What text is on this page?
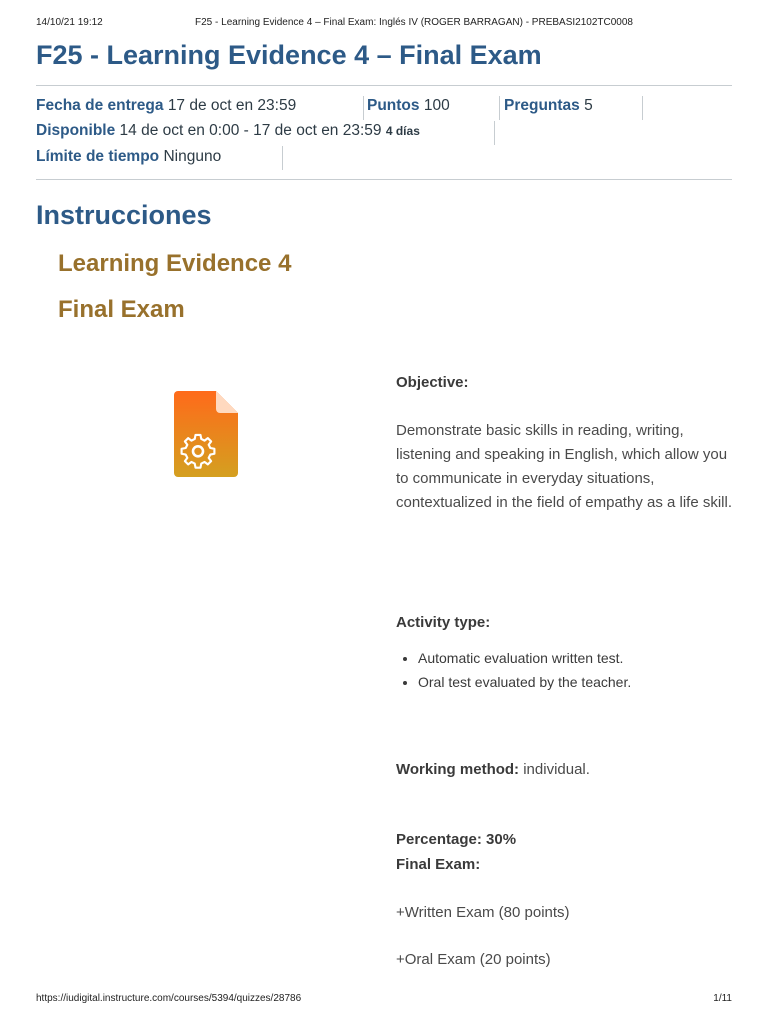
14/10/21 19:12	F25 - Learning Evidence 4 – Final Exam: Inglés IV (ROGER BARRAGAN) - PREBASI2102TC0008
F25 - Learning Evidence 4 – Final Exam
Fecha de entrega 17 de oct en 23:59	Puntos 100	Preguntas 5
Disponible 14 de oct en 0:00 - 17 de oct en 23:59 4 días
Límite de tiempo Ninguno
Instrucciones
Learning Evidence 4
Final Exam

Objective:

Demonstrate basic skills in reading, writing, listening and speaking in English, which allow you to communicate in everyday situations, contextualized in the field of empathy as a life skill.

Activity type:

• Automatic evaluation written test.
• Oral test evaluated by the teacher.

Working method: individual.

Percentage: 30%

Final Exam:

+Written Exam (80 points)

+Oral Exam (20 points)

https://iudigital.instructure.com/courses/5394/quizzes/28786	1/11
